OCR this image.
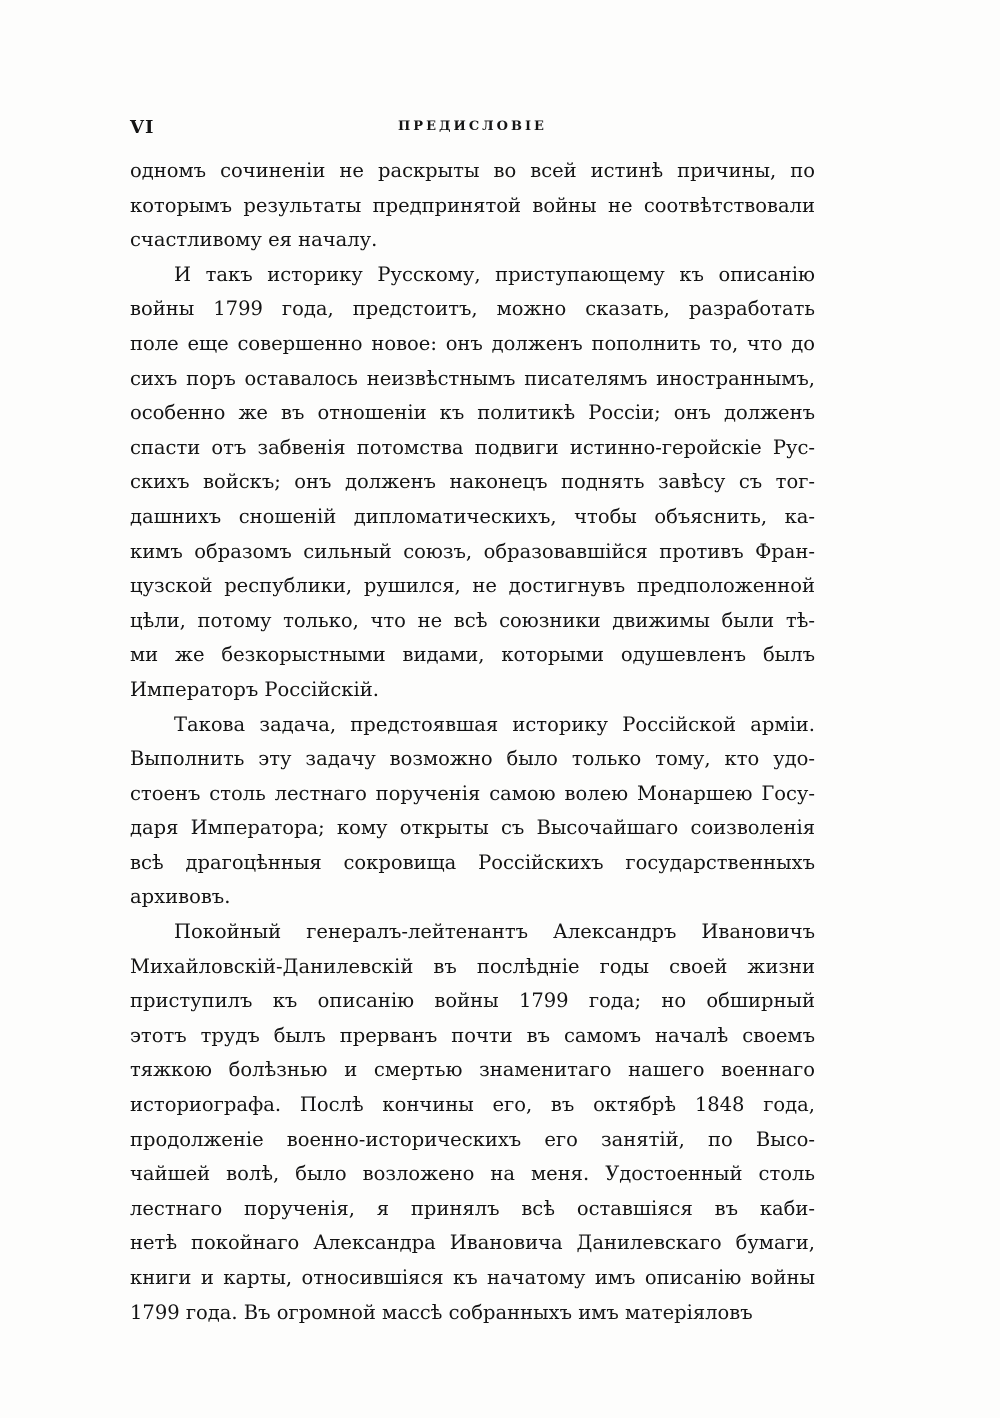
VI	ПРЕДИСЛОВІЕ
одномъ сочиненіи не раскрыты во всей истинѣ причины, по
которымъ результаты предпринятой войны не соотвѣтствовали
счастливому ея началу.
И такъ историку Русскому, приступающему къ описанію
войны 1799 года, предстоитъ, можно сказать, разработать
поле еще совершенно новое: онъ долженъ пополнить то, что до
сихъ поръ оставалось неизвѣстнымъ писателямъ иностраннымъ,
особенно же въ отношеніи къ политикѣ Россіи; онъ долженъ
спасти отъ забвенія потомства подвиги истинно-геройскіе Рус-
скихъ войскъ; онъ долженъ наконецъ поднять завѣсу съ тог-
дашнихъ сношеній дипломатическихъ, чтобы объяснить, ка-
кимъ образомъ сильный союзъ, образовавшійся противъ Фран-
цузской республики, рушился, не достигнувъ предположенной
цѣли, потому только, что не всѣ союзники движимы были тѣ-
ми же безкорыстными видами, которыми одушевленъ былъ
Императоръ Россійскій.
Такова задача, предстоявшая историку Россійской арміи.
Выполнить эту задачу возможно было только тому, кто удо-
стоенъ столь лестнаго порученія самою волею Монаршею Госу-
даря Императора; кому открыты съ Высочайшаго соизволенія
всѣ драгоцѣнныя сокровища Россійскихъ государственныхъ
архивовъ.
Покойный генералъ-лейтенантъ Александръ Ивановичъ
Михайловскій-Данилевскій въ послѣдніе годы своей жизни
приступилъ къ описанію войны 1799 года; но обширный
этотъ трудъ былъ прерванъ почти въ самомъ началѣ своемъ
тяжкою болѣзнью и смертью знаменитаго нашего военнаго
историографа. Послѣ кончины его, въ октябрѣ 1848 года,
продолженіе военно-историческихъ его занятій, по Высо-
чайшей волѣ, было возложено на меня. Удостоенный столь
лестнаго порученія, я принялъ всѣ оставшіяся въ каби-
нетѣ покойнаго Александра Ивановича Данилевскаго бумаги,
книги и карты, относившіяся къ начатому имъ описанію войны
1799 года. Въ огромной массѣ собранныхъ имъ матеріяловъ
